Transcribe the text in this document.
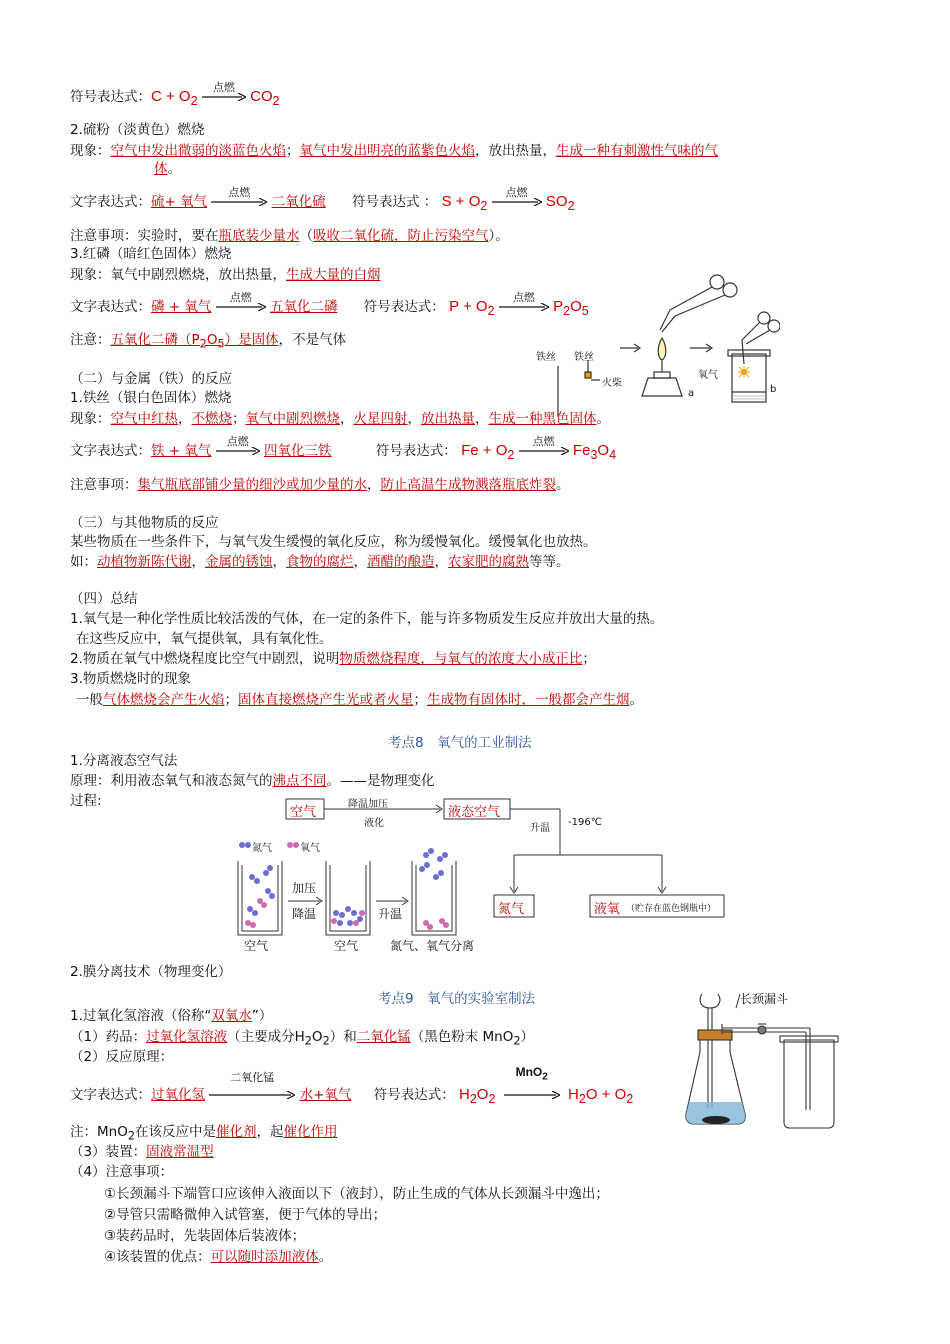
符号表达式：$C + O_2$
点燃
$CO_2$
2.硫粉（淡黄色）燃烧
现象：空气中发出微弱的淡蓝色火焰；氧气中发出明亮的蓝紫色火焰，放出热量，生成一种有刺激性气味的气
体。
文字表达式：硫+ 氧气
点燃
二氧化硫 符号表达式 ： $S + O_2$
点燃
$SO_2$
注意事项：实验时，要在瓶底装少量水（吸收二氧化硫，防止污染空气）。
3.红磷（暗红色固体）燃烧
现象：氧气中剧烈燃烧，放出热量，生成大量的白烟
文字表达式：磷 + 氧气
点燃
五氧化二磷 符号表达式： $P + O_2$
点燃
$P_2O_5$
注意：五氧化二磷$(P_2O_5)$是固体，不是气体
铁丝 铁丝
火柴
氧气
a	b
（二）与金属（铁）的反应
1.铁丝（银白色固体）燃烧
现象：空气中红热，不燃烧；氧气中剧烈燃烧，火星四射，放出热量，生成一种黑色固体。
文字表达式：铁 + 氧气
点燃
四氧化三铁	符号表达式： $Fe + O_2$
点燃
$Fe_3O_4$
注意事项：集气瓶底部铺少量的细沙或加少量的水，防止高温生成物溅落瓶底炸裂。
（三）与其他物质的反应
某些物质在一些条件下，与氧气发生缓慢的氧化反应，称为缓慢氧化。缓慢氧化也放热。
如：动植物新陈代谢，金属的锈蚀，食物的腐烂，酒醋的酿造，农家肥的腐熟等等。
（四）总结
1.氧气是一种化学性质比较活泼的气体，在一定的条件下，能与许多物质发生反应并放出大量的热。
在这些反应中，氧气提供氧，具有氧化性。
2.物质在氧气中燃烧程度比空气中剧烈，说明物质燃烧程度，与氧气的浓度大小成正比；
3.物质燃烧时的现象
一般气体燃烧会产生火焰；固体直接燃烧产生光或者火星；生成物有固体时，一般都会产生烟。
考点8　氧气的工业制法
1.分离液态空气法
原理：利用液态氧气和液态氮气的沸点不同。——是物理变化
过程:
空气
降温加压
液化
液态空气
升温
-196℃
氮气	液氧 （贮存在蓝色钢瓶中）
氮气	氧气
加压
降温	升温
空气	空气	氮气、氧气分离
2.膜分离技术（物理变化）
考点9　氧气的实验室制法
1.过氧化氢溶液（俗称“双氧水”）
（1）药品：过氧化氢溶液（主要成分$H_2O_2$）和二氧化锰（黑色粉末 MnO$_2$）
（2）反应原理：
文字表达式：过氧化氢
二氧化锰
水+氧气 符号表达式： $H_2O_2$
MnO$_2$
$H_2O + O_2$
注：MnO$_2$在该反应中是催化剂，起催化作用
（3）装置：固液常温型
（4）注意事项：
①长颈漏斗下端管口应该伸入液面以下（液封），防止生成的气体从长颈漏斗中逸出；
②导管只需略微伸入试管塞，便于气体的导出；
③装药品时，先装固体后装液体；
④该装置的优点：可以随时添加液体。
长颈漏斗
